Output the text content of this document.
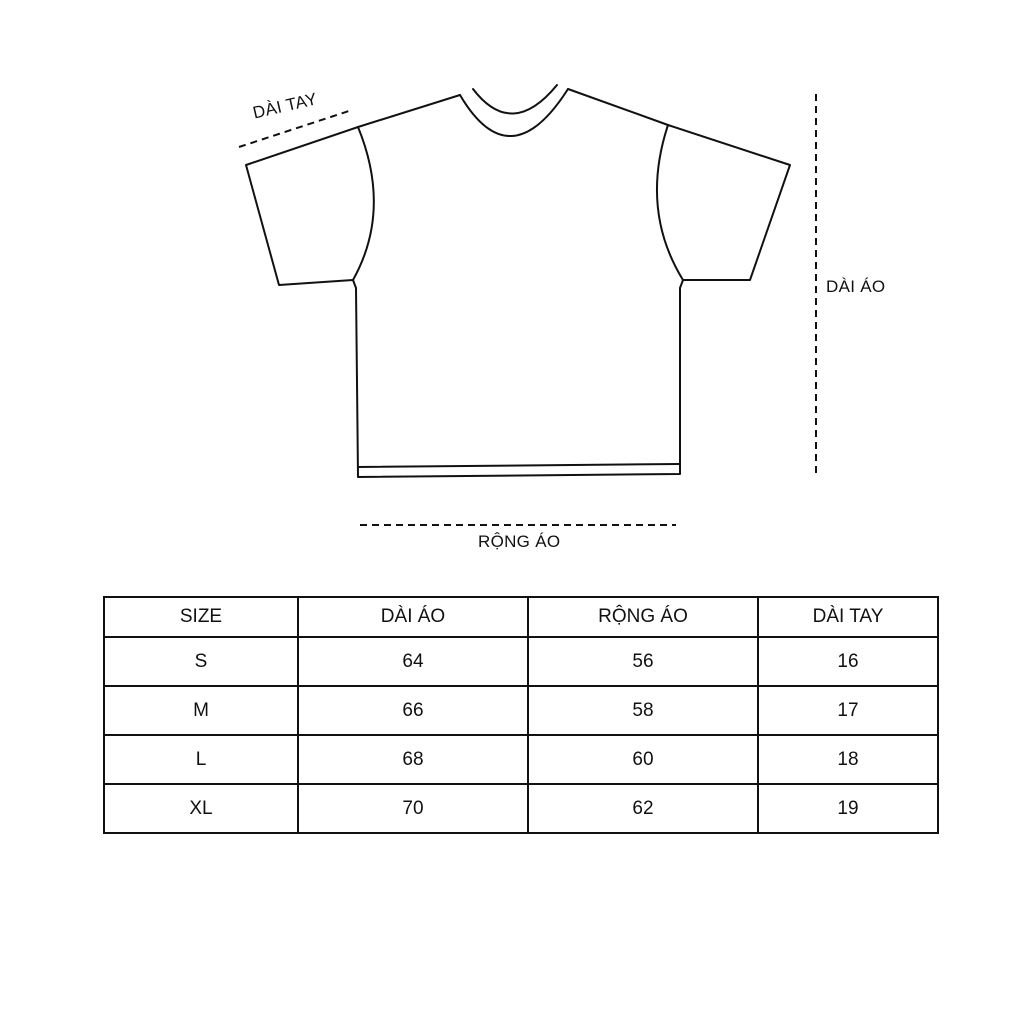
DÀI TAY
DÀI ÁO
RỘNG ÁO
SIZE	DÀI ÁO	RỘNG ÁO	DÀI TAY
S	64	56	16
M	66	58	17
L	68	60	18
XL	70	62	19
